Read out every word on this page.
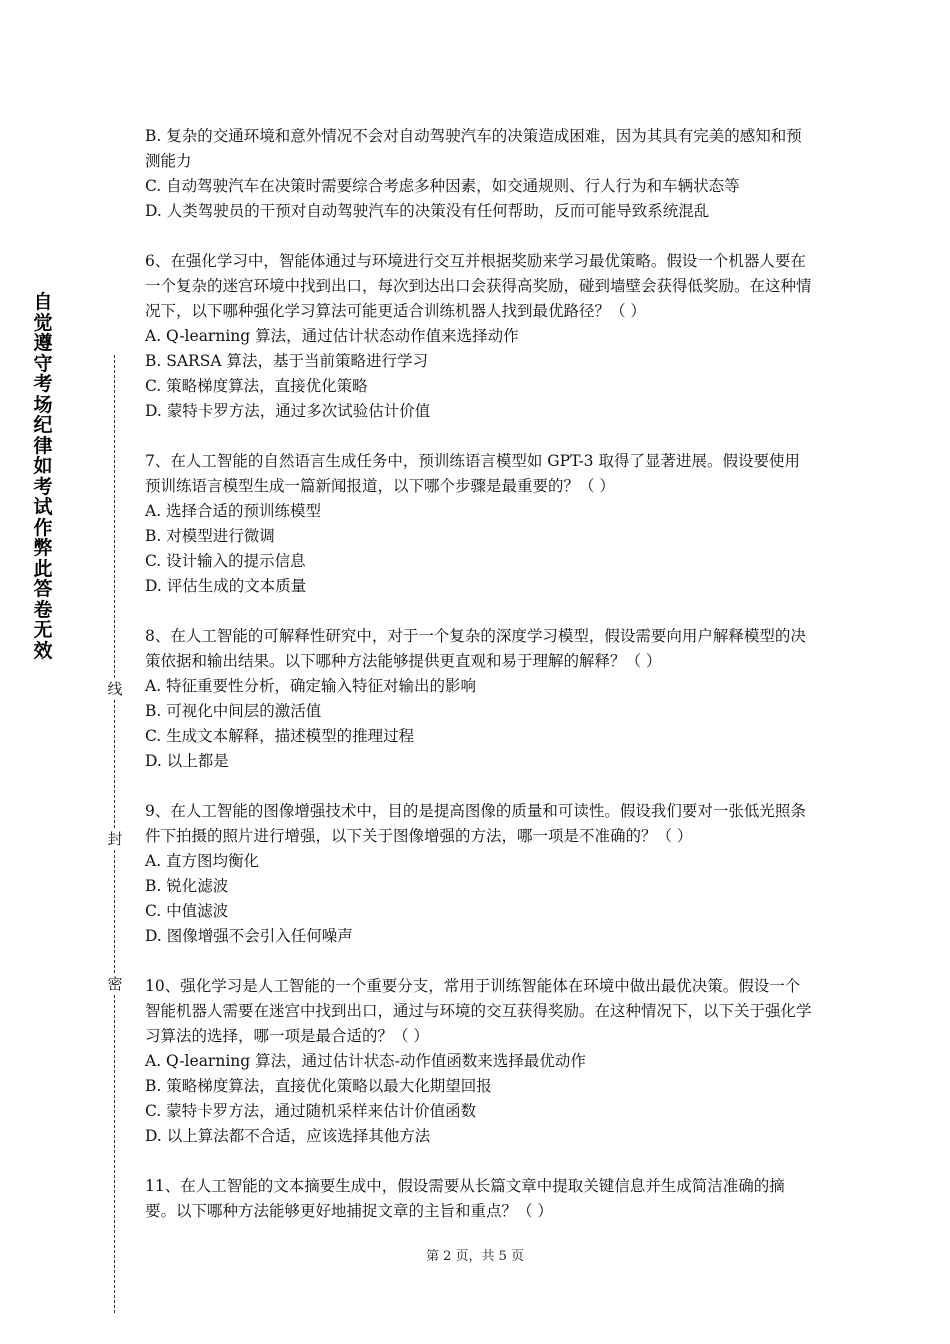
自觉遵守考场纪律如考试作弊此答卷无效
线
封
密

B. 复杂的交通环境和意外情况不会对自动驾驶汽车的决策造成困难，因为其具有完美的感知和预测能力

C. 自动驾驶汽车在决策时需要综合考虑多种因素，如交通规则、行人行为和车辆状态等

D. 人类驾驶员的干预对自动驾驶汽车的决策没有任何帮助，反而可能导致系统混乱

6、在强化学习中，智能体通过与环境进行交互并根据奖励来学习最优策略。假设一个机器人要在一个复杂的迷宫环境中找到出口，每次到达出口会获得高奖励，碰到墙壁会获得低奖励。在这种情况下，以下哪种强化学习算法可能更适合训练机器人找到最优路径？（ ）

A. Q-learning 算法，通过估计状态动作值来选择动作

B. SARSA 算法，基于当前策略进行学习

C. 策略梯度算法，直接优化策略

D. 蒙特卡罗方法，通过多次试验估计价值

7、在人工智能的自然语言生成任务中，预训练语言模型如 GPT-3 取得了显著进展。假设要使用预训练语言模型生成一篇新闻报道，以下哪个步骤是最重要的？（ ）

A. 选择合适的预训练模型

B. 对模型进行微调

C. 设计输入的提示信息

D. 评估生成的文本质量

8、在人工智能的可解释性研究中，对于一个复杂的深度学习模型，假设需要向用户解释模型的决策依据和输出结果。以下哪种方法能够提供更直观和易于理解的解释？（ ）

A. 特征重要性分析，确定输入特征对输出的影响

B. 可视化中间层的激活值

C. 生成文本解释，描述模型的推理过程

D. 以上都是

9、在人工智能的图像增强技术中，目的是提高图像的质量和可读性。假设我们要对一张低光照条件下拍摄的照片进行增强，以下关于图像增强的方法，哪一项是不准确的？（ ）

A. 直方图均衡化

B. 锐化滤波

C. 中值滤波

D. 图像增强不会引入任何噪声

10、强化学习是人工智能的一个重要分支，常用于训练智能体在环境中做出最优决策。假设一个智能机器人需要在迷宫中找到出口，通过与环境的交互获得奖励。在这种情况下，以下关于强化学习算法的选择，哪一项是最合适的？（ ）

A. Q-learning 算法，通过估计状态-动作值函数来选择最优动作

B. 策略梯度算法，直接优化策略以最大化期望回报

C. 蒙特卡罗方法，通过随机采样来估计价值函数

D. 以上算法都不合适，应该选择其他方法

11、在人工智能的文本摘要生成中，假设需要从长篇文章中提取关键信息并生成简洁准确的摘要。以下哪种方法能够更好地捕捉文章的主旨和重点？（ ）

第 2 页，共 5 页
